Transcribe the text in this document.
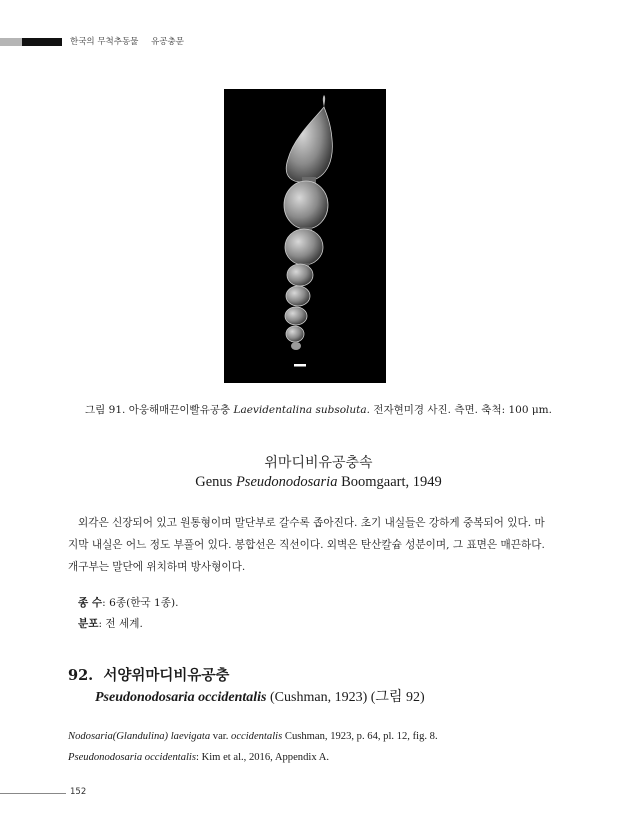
한국의 무척추동물 유공충문
그림 91. 아웅해매끈이빨유공충 Laevidentalina subsoluta. 전자현미경 사진. 측면. 축척: 100 μm.
위마디비유공충속
Genus Pseudonodosaria Boomgaart, 1949
외각은 신장되어 있고 원통형이며 말단부로 갈수록 좁아진다. 초기 내실들은 강하게 중복되어 있다. 마
지막 내실은 어느 정도 부풀어 있다. 봉합선은 직선이다. 외벽은 탄산칼슘 성분이며, 그 표면은 매끈하다.
개구부는 말단에 위치하며 방사형이다.
종 수: 6종(한국 1종).
분포: 전 세계.
92. 서양위마디비유공충
Pseudonodosaria occidentalis (Cushman, 1923) (그림 92)
Nodosaria(Glandulina) laevigata var. occidentalis Cushman, 1923, p. 64, pl. 12, fig. 8.
Pseudonodosaria occidentalis: Kim et al., 2016, Appendix A.
152
